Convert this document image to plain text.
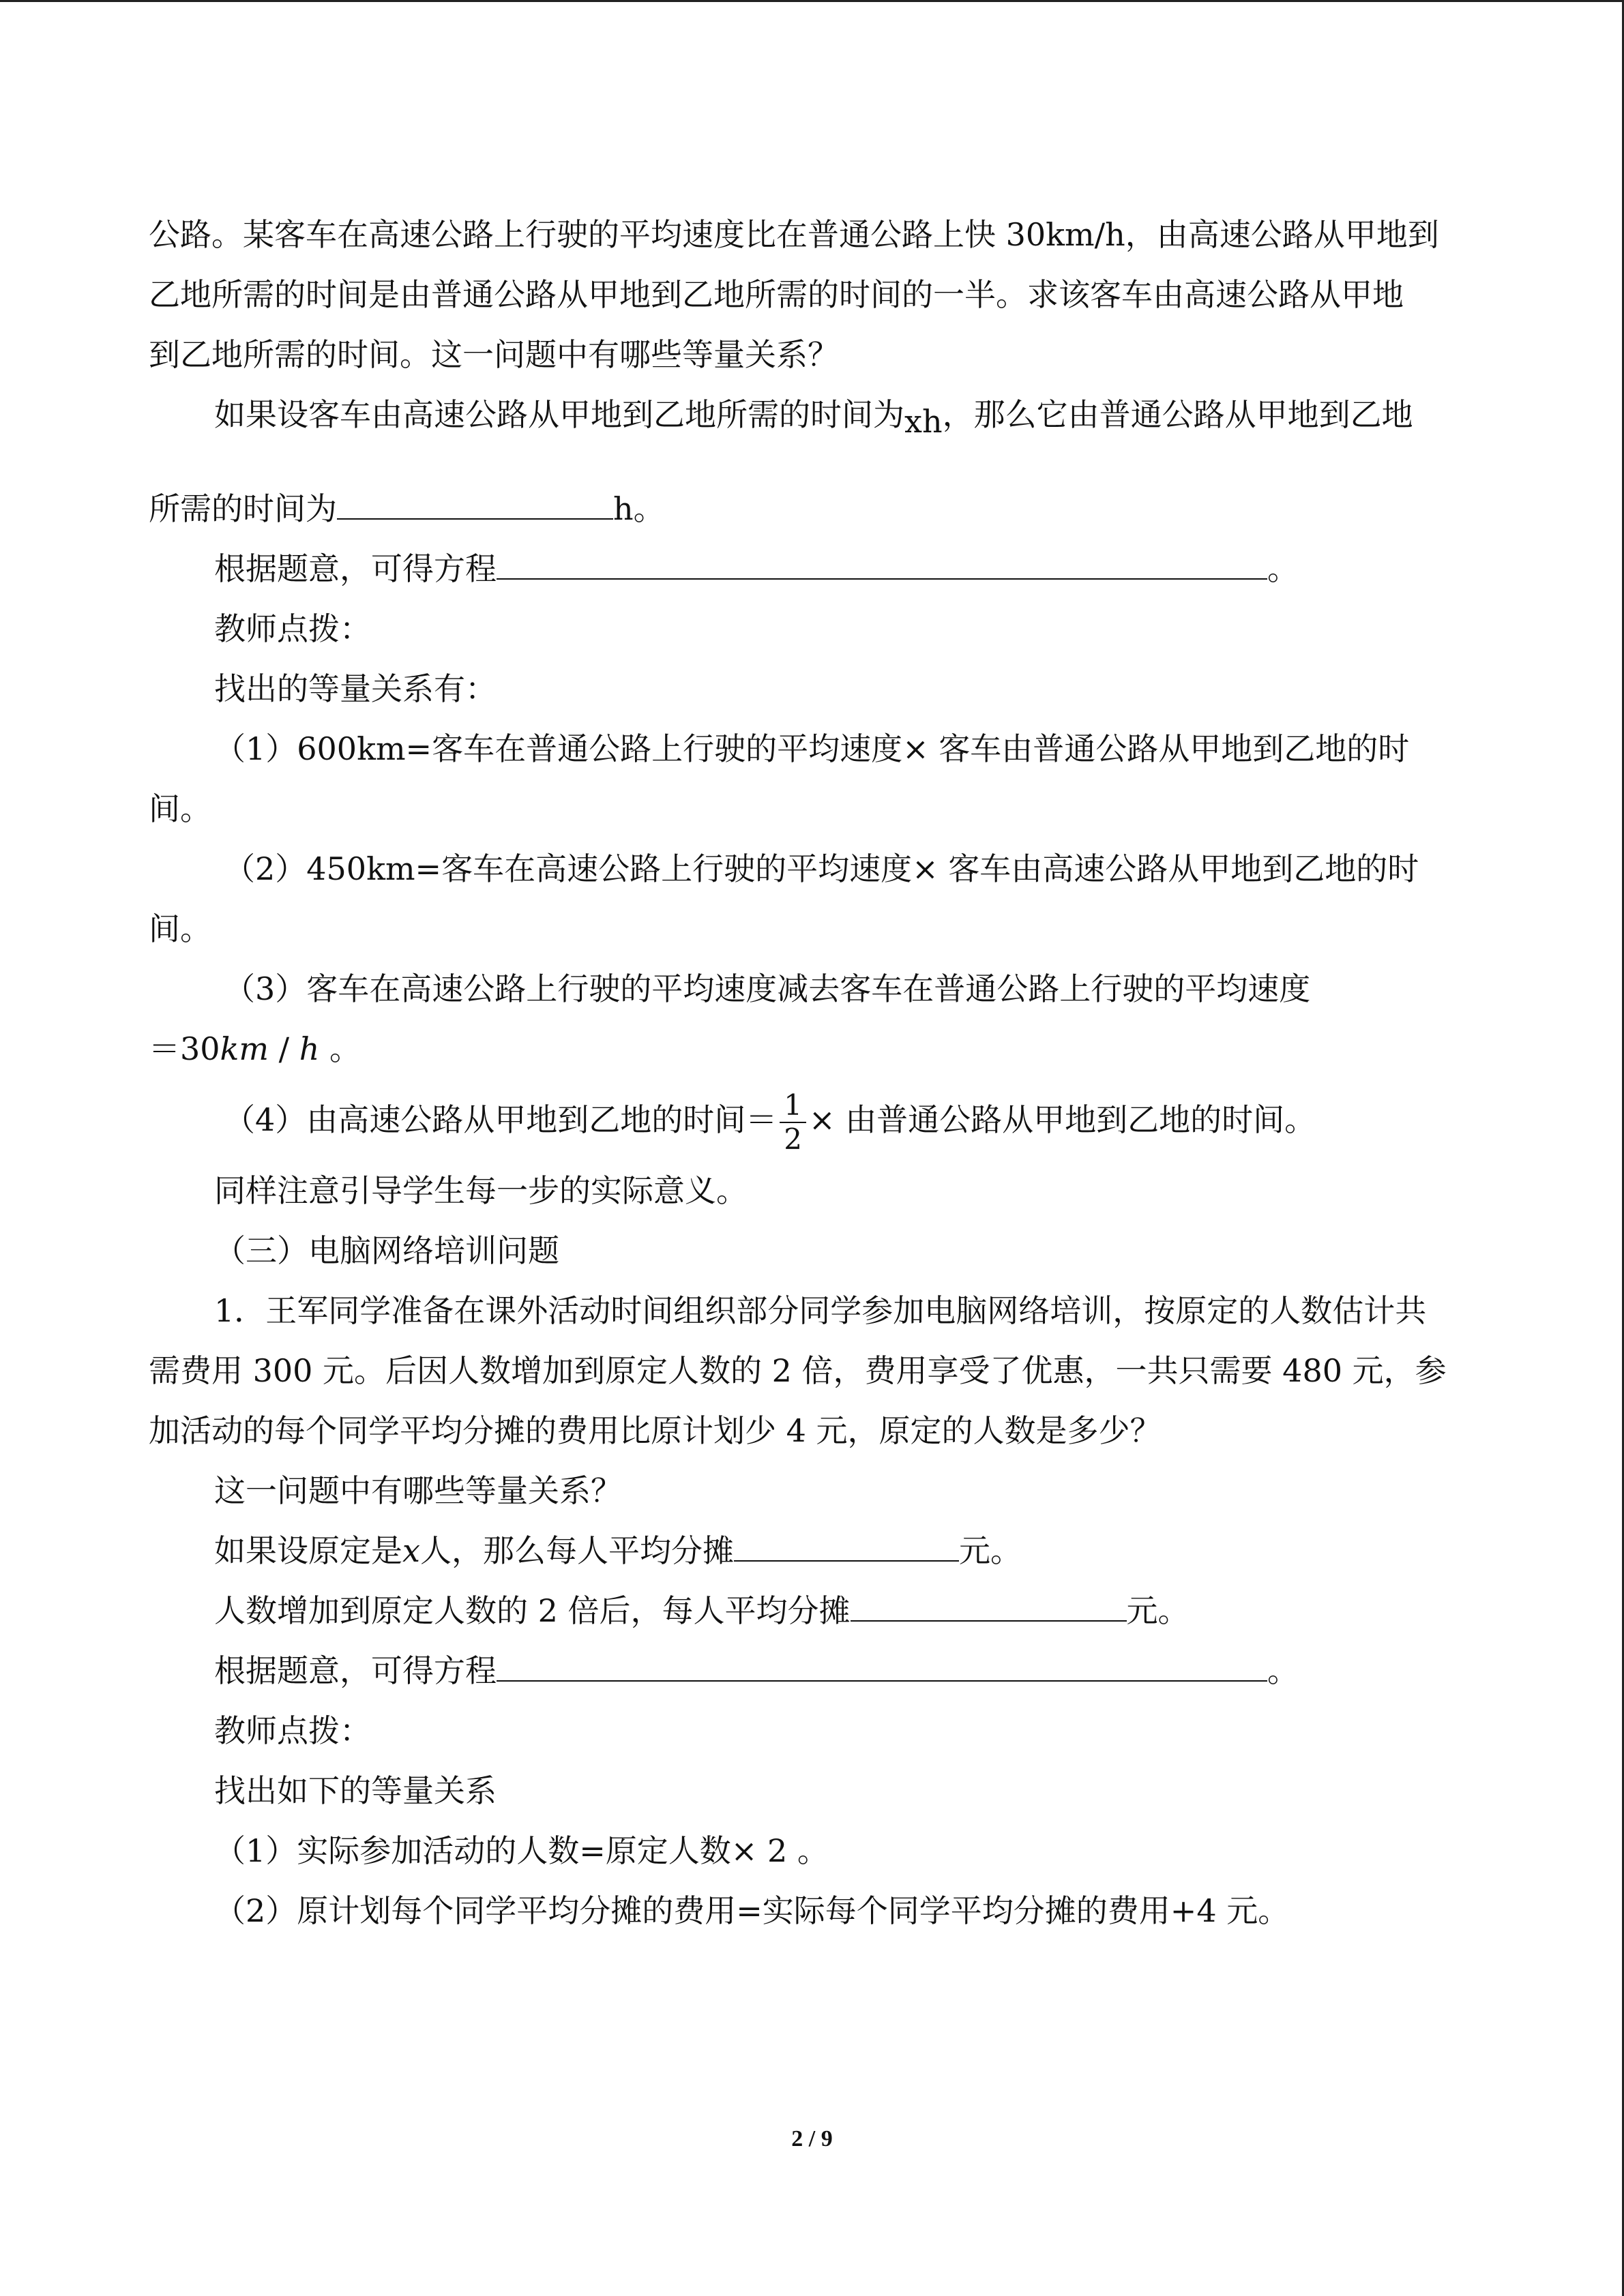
公路。某客车在高速公路上行驶的平均速度比在普通公路上快 30km/h，由高速公路从甲地到

乙地所需的时间是由普通公路从甲地到乙地所需的时间的一半。求该客车由高速公路从甲地

到乙地所需的时间。这一问题中有哪些等量关系？

如果设客车由高速公路从甲地到乙地所需的时间为xh，那么它由普通公路从甲地到乙地

所需的时间为	h。

根据题意，可得方程	。

教师点拨：

找出的等量关系有：

（1）600km=客车在普通公路上行驶的平均速度× 客车由普通公路从甲地到乙地的时

间。

（2）450km=客车在高速公路上行驶的平均速度× 客车由高速公路从甲地到乙地的时

间。

（3）客车在高速公路上行驶的平均速度减去客车在普通公路上行驶的平均速度

＝30km / h 。

（4）由高速公路从甲地到乙地的时间＝ $\frac{1}{2}$ × 由普通公路从甲地到乙地的时间。

同样注意引导学生每一步的实际意义。

（三）电脑网络培训问题

1．王军同学准备在课外活动时间组织部分同学参加电脑网络培训，按原定的人数估计共

需费用 300 元。后因人数增加到原定人数的 2 倍，费用享受了优惠，一共只需要 480 元，参

加活动的每个同学平均分摊的费用比原计划少 4 元，原定的人数是多少？

这一问题中有哪些等量关系？

如果设原定是x人，那么每人平均分摊	元。

人数增加到原定人数的 2 倍后，每人平均分摊	元。

根据题意，可得方程	。

教师点拨：

找出如下的等量关系

（1）实际参加活动的人数=原定人数× 2 。

（2）原计划每个同学平均分摊的费用=实际每个同学平均分摊的费用+4 元。

2 / 9
